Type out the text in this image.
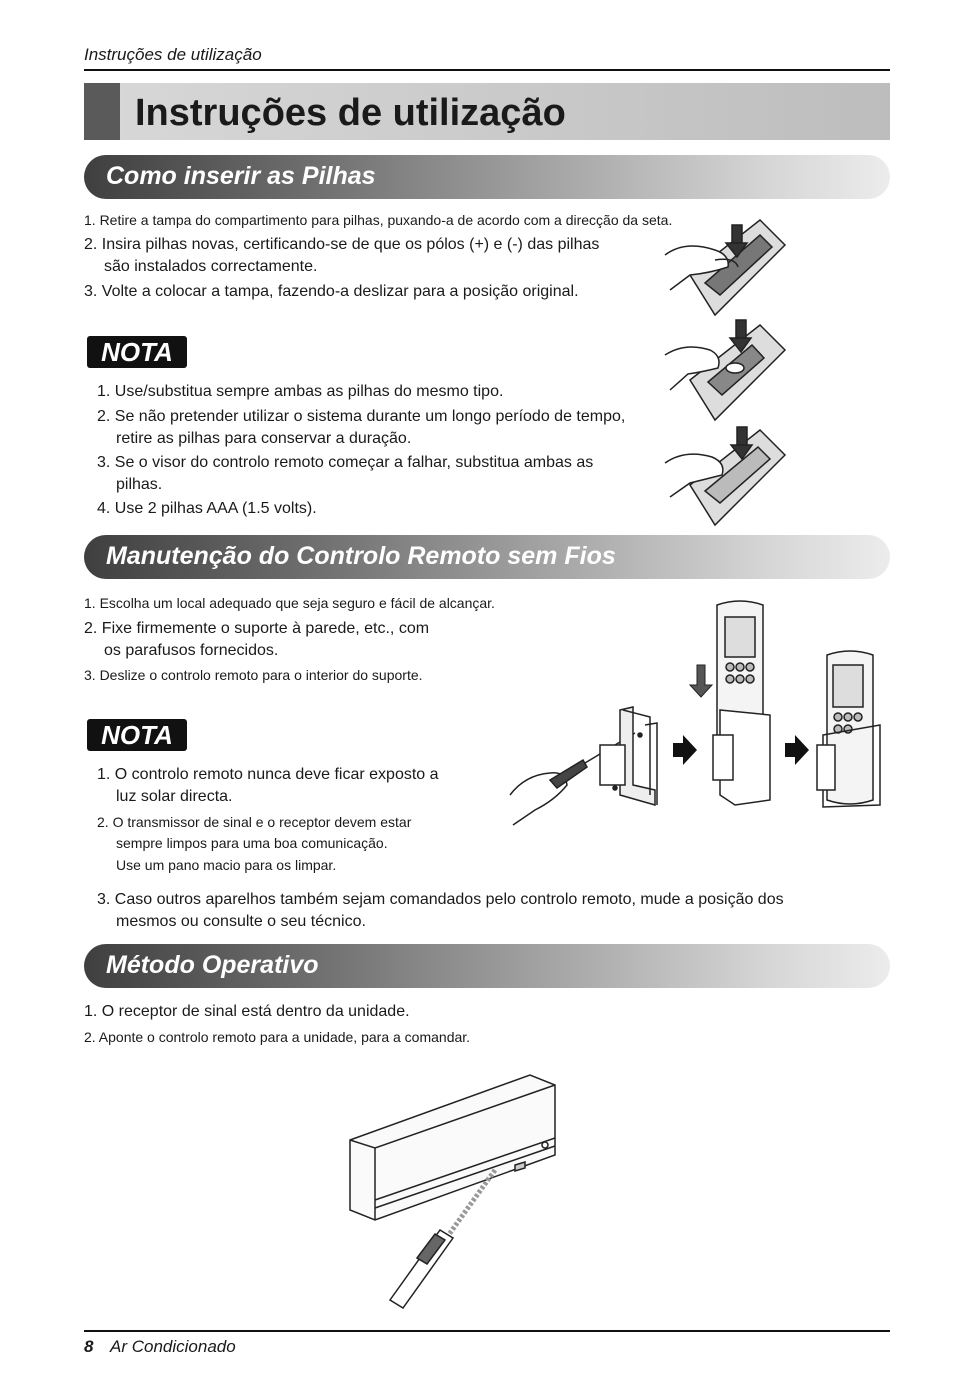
Instruções de utilização
Instruções de utilização
Como inserir as Pilhas
1. Retire a tampa do compartimento para pilhas, puxando-a de acordo com a direcção da seta.
2. Insira pilhas novas, certificando-se de que os pólos (+) e (-) das pilhas
são instalados correctamente.
3. Volte a colocar a tampa, fazendo-a deslizar para a posição original.
NOTA
1. Use/substitua sempre ambas as pilhas do mesmo tipo.
2. Se não pretender utilizar o sistema durante um longo período de tempo,
retire as pilhas para conservar a duração.
3. Se o visor do controlo remoto começar a falhar, substitua ambas as
pilhas.
4. Use 2 pilhas AAA (1.5 volts).
Manutenção do Controlo Remoto sem Fios
1. Escolha um local adequado que seja seguro e fácil de alcançar.
2. Fixe firmemente o suporte à parede, etc., com
os parafusos fornecidos.
3. Deslize o controlo remoto para o interior do suporte.
NOTA
1. O controlo remoto nunca deve ficar exposto a
luz solar directa.
2. O transmissor de sinal e o receptor devem estar
sempre limpos para uma boa comunicação.
Use um pano macio para os limpar.
3. Caso outros aparelhos também sejam comandados pelo controlo remoto, mude a posição dos
mesmos ou consulte o seu técnico.
Método Operativo
1. O receptor de sinal está dentro da unidade.
2. Aponte o controlo remoto para a unidade, para a comandar.
8 Ar Condicionado
